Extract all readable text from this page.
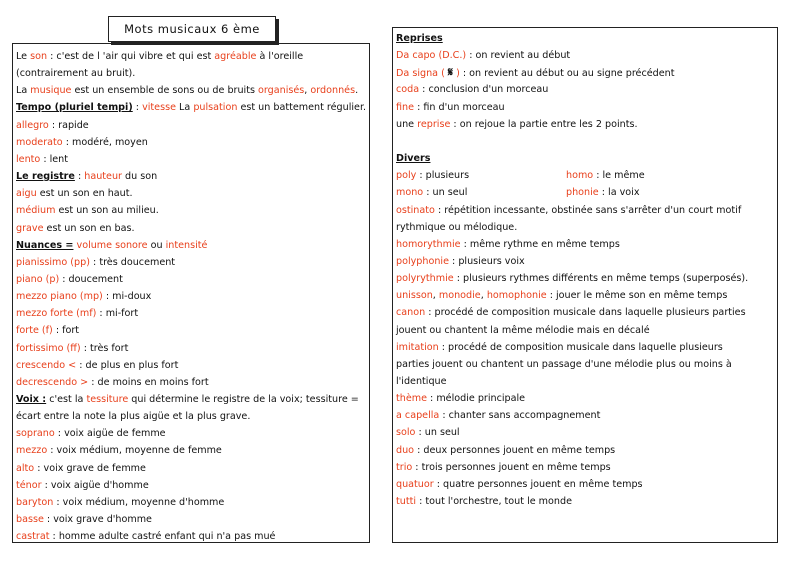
Mots musicaux 6 ème
Le son : c'est de l 'air qui vibre et qui est agréable à l'oreille
(contrairement au bruit).
La musique est un ensemble de sons ou de bruits organisés, ordonnés.
Tempo (pluriel tempi) : vitesse La pulsation est un battement régulier.
allegro : rapide
moderato : modéré, moyen
lento : lent
Le registre : hauteur du son
aigu est un son en haut.
médium est un son au milieu.
grave est un son en bas.
Nuances = volume sonore ou intensité
pianissimo (pp) : très doucement
piano (p) : doucement
mezzo piano (mp) : mi-doux
mezzo forte (mf) : mi-fort
forte (f) : fort
fortissimo (ff) : très fort
crescendo < : de plus en plus fort
decrescendo > : de moins en moins fort
Voix : c'est la tessiture qui détermine le registre de la voix; tessiture =
écart entre la note la plus aigüe et la plus grave.
soprano : voix aigüe de femme
mezzo : voix médium, moyenne de femme
alto : voix grave de femme
ténor : voix aigüe d'homme
baryton : voix médium, moyenne d'homme
basse : voix grave d'homme
castrat : homme adulte castré enfant qui n'a pas mué
Reprises
Da capo (D.C.) : on revient au début
Da signa ( 𝄋 ) : on revient au début ou au signe précédent
coda : conclusion d'un morceau
fine : fin d'un morceau
une reprise : on rejoue la partie entre les 2 points.
Divers
poly : plusieurs
mono : un seul
ostinato : répétition incessante, obstinée sans s'arrêter d'un court motif
rythmique ou mélodique.
homorythmie : même rythme en même temps
polyphonie : plusieurs voix
polyrythmie : plusieurs rythmes différents en même temps (superposés).
unisson, monodie, homophonie : jouer le même son en même temps
canon : procédé de composition musicale dans laquelle plusieurs parties
jouent ou chantent la même mélodie mais en décalé
imitation : procédé de composition musicale dans laquelle plusieurs
parties jouent ou chantent un passage d'une mélodie plus ou moins à
l'identique
thème : mélodie principale
a capella : chanter sans accompagnement
solo : un seul
duo : deux personnes jouent en même temps
trio : trois personnes jouent en même temps
quatuor : quatre personnes jouent en même temps
tutti : tout l'orchestre, tout le monde
homo : le même
phonie : la voix
